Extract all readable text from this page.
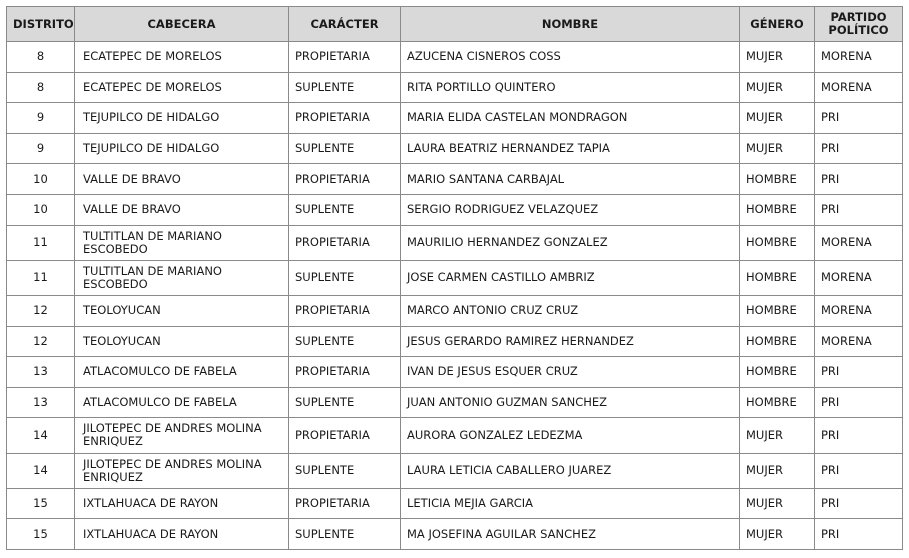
DISTRITO	CABECERA	CARÁCTER	NOMBRE	GÉNERO	PARTIDO POLÍTICO
8	ECATEPEC DE MORELOS	PROPIETARIA	AZUCENA CISNEROS COSS	MUJER	MORENA
8	ECATEPEC DE MORELOS	SUPLENTE	RITA PORTILLO QUINTERO	MUJER	MORENA
9	TEJUPILCO DE HIDALGO	PROPIETARIA	MARIA ELIDA CASTELAN MONDRAGON	MUJER	PRI
9	TEJUPILCO DE HIDALGO	SUPLENTE	LAURA BEATRIZ HERNANDEZ TAPIA	MUJER	PRI
10	VALLE DE BRAVO	PROPIETARIA	MARIO SANTANA CARBAJAL	HOMBRE	PRI
10	VALLE DE BRAVO	SUPLENTE	SERGIO RODRIGUEZ VELAZQUEZ	HOMBRE	PRI
11	TULTITLAN DE MARIANO ESCOBEDO	PROPIETARIA	MAURILIO HERNANDEZ GONZALEZ	HOMBRE	MORENA
11	TULTITLAN DE MARIANO ESCOBEDO	SUPLENTE	JOSE CARMEN CASTILLO AMBRIZ	HOMBRE	MORENA
12	TEOLOYUCAN	PROPIETARIA	MARCO ANTONIO CRUZ CRUZ	HOMBRE	MORENA
12	TEOLOYUCAN	SUPLENTE	JESUS GERARDO RAMIREZ HERNANDEZ	HOMBRE	MORENA
13	ATLACOMULCO DE FABELA	PROPIETARIA	IVAN DE JESUS ESQUER CRUZ	HOMBRE	PRI
13	ATLACOMULCO DE FABELA	SUPLENTE	JUAN ANTONIO GUZMAN SANCHEZ	HOMBRE	PRI
14	JILOTEPEC DE ANDRES MOLINA ENRIQUEZ	PROPIETARIA	AURORA GONZALEZ LEDEZMA	MUJER	PRI
14	JILOTEPEC DE ANDRES MOLINA ENRIQUEZ	SUPLENTE	LAURA LETICIA CABALLERO JUAREZ	MUJER	PRI
15	IXTLAHUACA DE RAYON	PROPIETARIA	LETICIA MEJIA GARCIA	MUJER	PRI
15	IXTLAHUACA DE RAYON	SUPLENTE	MA JOSEFINA AGUILAR SANCHEZ	MUJER	PRI
